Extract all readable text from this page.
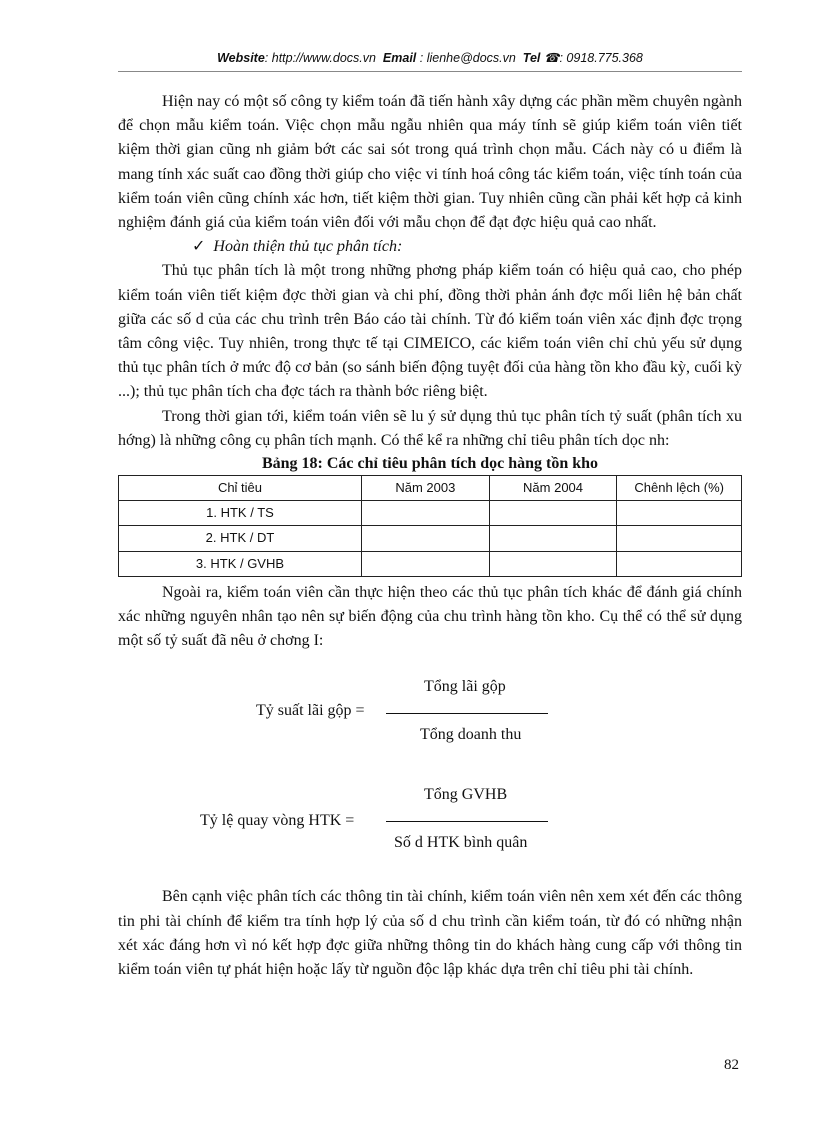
Website: http://www.docs.vn Email : lienhe@docs.vn Tel ☎: 0918.775.368

Hiện nay có một số công ty kiểm toán đã tiến hành xây dựng các phần mềm chuyên ngành để chọn mẫu kiểm toán. Việc chọn mẫu ngẫu nhiên qua máy tính sẽ giúp kiểm toán viên tiết kiệm thời gian cũng nh giảm bớt các sai sót trong quá trình chọn mẫu. Cách này có u điểm là mang tính xác suất cao đồng thời giúp cho việc vi tính hoá công tác kiểm toán, việc tính toán của kiểm toán viên cũng chính xác hơn, tiết kiệm thời gian. Tuy nhiên cũng cần phải kết hợp cả kinh nghiệm đánh giá của kiểm toán viên đối với mẫu chọn để đạt đợc hiệu quả cao nhất.

✓ Hoàn thiện thủ tục phân tích:

Thủ tục phân tích là một trong những phơng pháp kiểm toán có hiệu quả cao, cho phép kiểm toán viên tiết kiệm đợc thời gian và chi phí, đồng thời phản ánh đợc mối liên hệ bản chất giữa các số d của các chu trình trên Báo cáo tài chính. Từ đó kiểm toán viên xác định đợc trọng tâm công việc. Tuy nhiên, trong thực tế tại CIMEICO, các kiểm toán viên chỉ chủ yếu sử dụng thủ tục phân tích ở mức độ cơ bản (so sánh biến động tuyệt đối của hàng tồn kho đầu kỳ, cuối kỳ ...); thủ tục phân tích cha đợc tách ra thành bớc riêng biệt.

Trong thời gian tới, kiểm toán viên sẽ lu ý sử dụng thủ tục phân tích tỷ suất (phân tích xu hớng) là những công cụ phân tích mạnh. Có thể kể ra những chỉ tiêu phân tích dọc nh:

Bảng 18: Các chỉ tiêu phân tích dọc hàng tồn kho
Chỉ tiêu	Năm 2003	Năm 2004	Chênh lệch (%)
1. HTK / TS			
2. HTK / DT			
3. HTK / GVHB			

Ngoài ra, kiểm toán viên cần thực hiện theo các thủ tục phân tích khác để đánh giá chính xác những nguyên nhân tạo nên sự biến động của chu trình hàng tồn kho. Cụ thể có thể sử dụng một số tỷ suất đã nêu ở chơng I:

Tổng lãi gộp
Tỷ suất lãi gộp =
Tổng doanh thu
Tổng GVHB
Tỷ lệ quay vòng HTK =
Số d HTK bình quân

Bên cạnh việc phân tích các thông tin tài chính, kiểm toán viên nên xem xét đến các thông tin phi tài chính để kiểm tra tính hợp lý của số d chu trình cần kiểm toán, từ đó có những nhận xét xác đáng hơn vì nó kết hợp đợc giữa những thông tin do khách hàng cung cấp với thông tin kiểm toán viên tự phát hiện hoặc lấy từ nguồn độc lập khác dựa trên chỉ tiêu phi tài chính.

82
